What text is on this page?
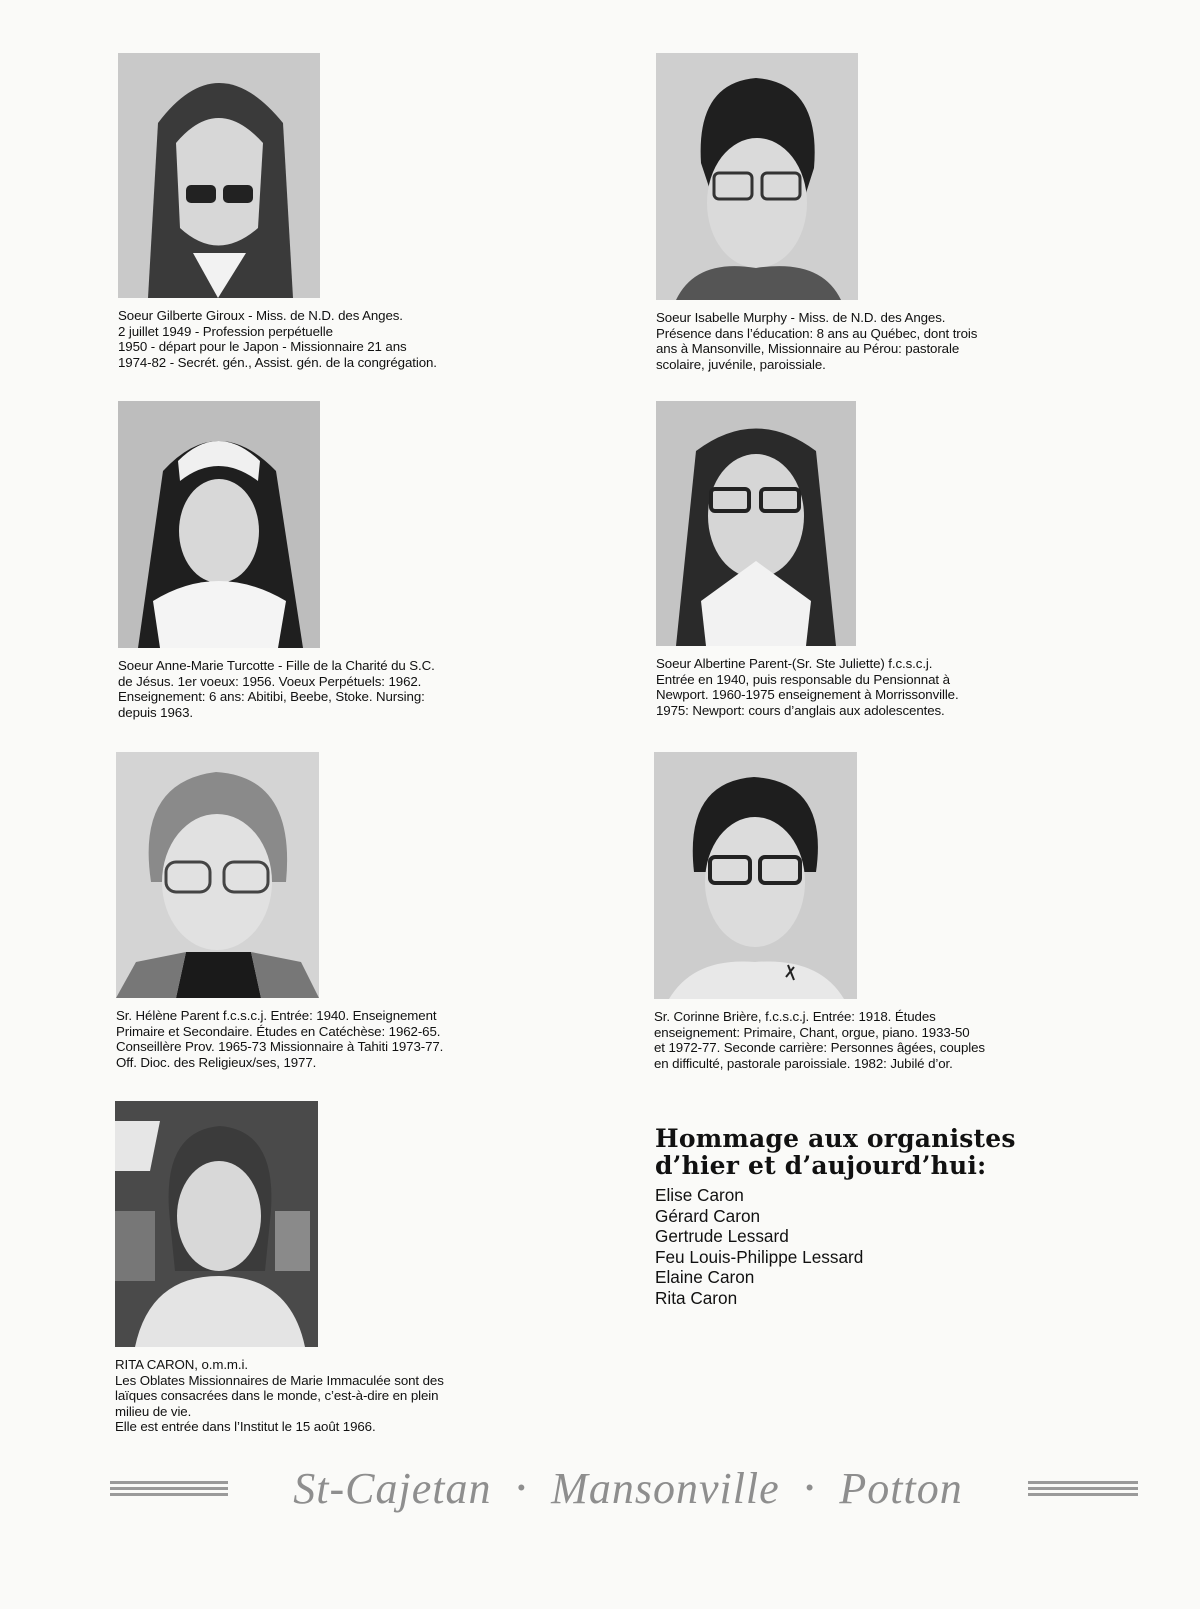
Soeur Gilberte Giroux - Miss. de N.D. des Anges.
2 juillet 1949 - Profession perpétuelle
1950 - départ pour le Japon - Missionnaire 21 ans
1974-82 - Secrét. gén., Assist. gén. de la congrégation.

Soeur Isabelle Murphy - Miss. de N.D. des Anges.
Présence dans l’éducation: 8 ans au Québec, dont trois
ans à Mansonville, Missionnaire au Pérou: pastorale
scolaire, juvénile, paroissiale.

Soeur Anne-Marie Turcotte - Fille de la Charité du S.C.
de Jésus. 1er voeux: 1956. Voeux Perpétuels: 1962.
Enseignement: 6 ans: Abitibi, Beebe, Stoke. Nursing:
depuis 1963.

Soeur Albertine Parent-(Sr. Ste Juliette) f.c.s.c.j.
Entrée en 1940, puis responsable du Pensionnat à
Newport. 1960-1975 enseignement à Morrissonville.
1975: Newport: cours d’anglais aux adolescentes.

Sr. Hélène Parent f.c.s.c.j. Entrée: 1940. Enseignement
Primaire et Secondaire. Études en Catéchèse: 1962-65.
Conseillère Prov. 1965-73 Missionnaire à Tahiti 1973-77.
Off. Dioc. des Religieux/ses, 1977.

Sr. Corinne Brière, f.c.s.c.j. Entrée: 1918. Études
enseignement: Primaire, Chant, orgue, piano. 1933-50
et 1972-77. Seconde carrière: Personnes âgées, couples
en difficulté, pastorale paroissiale. 1982: Jubilé d’or.

RITA CARON, o.m.m.i.
Les Oblates Missionnaires de Marie Immaculée sont des
laïques consacrées dans le monde, c’est-à-dire en plein
milieu de vie.
Elle est entrée dans l’Institut le 15 août 1966.

Hommage aux organistes d’hier et d’aujourd’hui:
Elise Caron
Gérard Caron
Gertrude Lessard
Feu Louis-Philippe Lessard
Elaine Caron
Rita Caron
St-Cajetan • Mansonville • Potton
